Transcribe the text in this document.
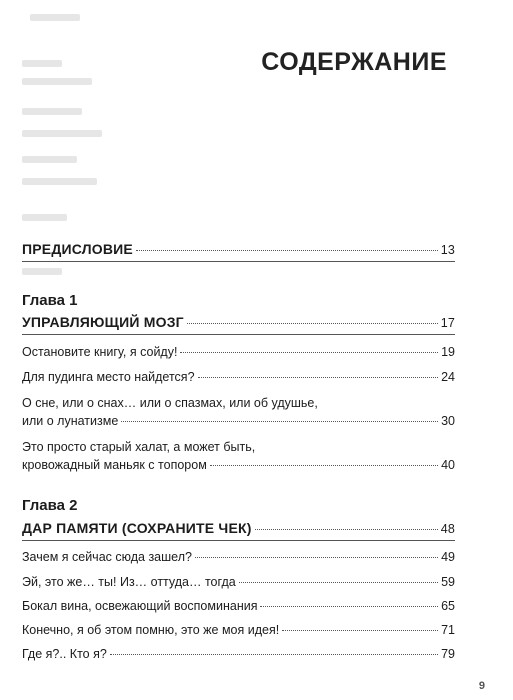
СОДЕРЖАНИЕ
ПРЕДИСЛОВИЕ	13
Глава 1
УПРАВЛЯЮЩИЙ МОЗГ	17
Остановите книгу, я сойду!	19
Для пудинга место найдется?	24
О сне, или о снах… или о спазмах, или об удушье,
или о лунатизме	30
Это просто старый халат, а может быть,
кровожадный маньяк с топором	40
Глава 2
ДАР ПАМЯТИ (СОХРАНИТЕ ЧЕК)	48
Зачем я сейчас сюда зашел?	49
Эй, это же… ты! Из… оттуда… тогда	59
Бокал вина, освежающий воспоминания	65
Конечно, я об этом помню, это же моя идея!	71
Где я?.. Кто я?	79
9
